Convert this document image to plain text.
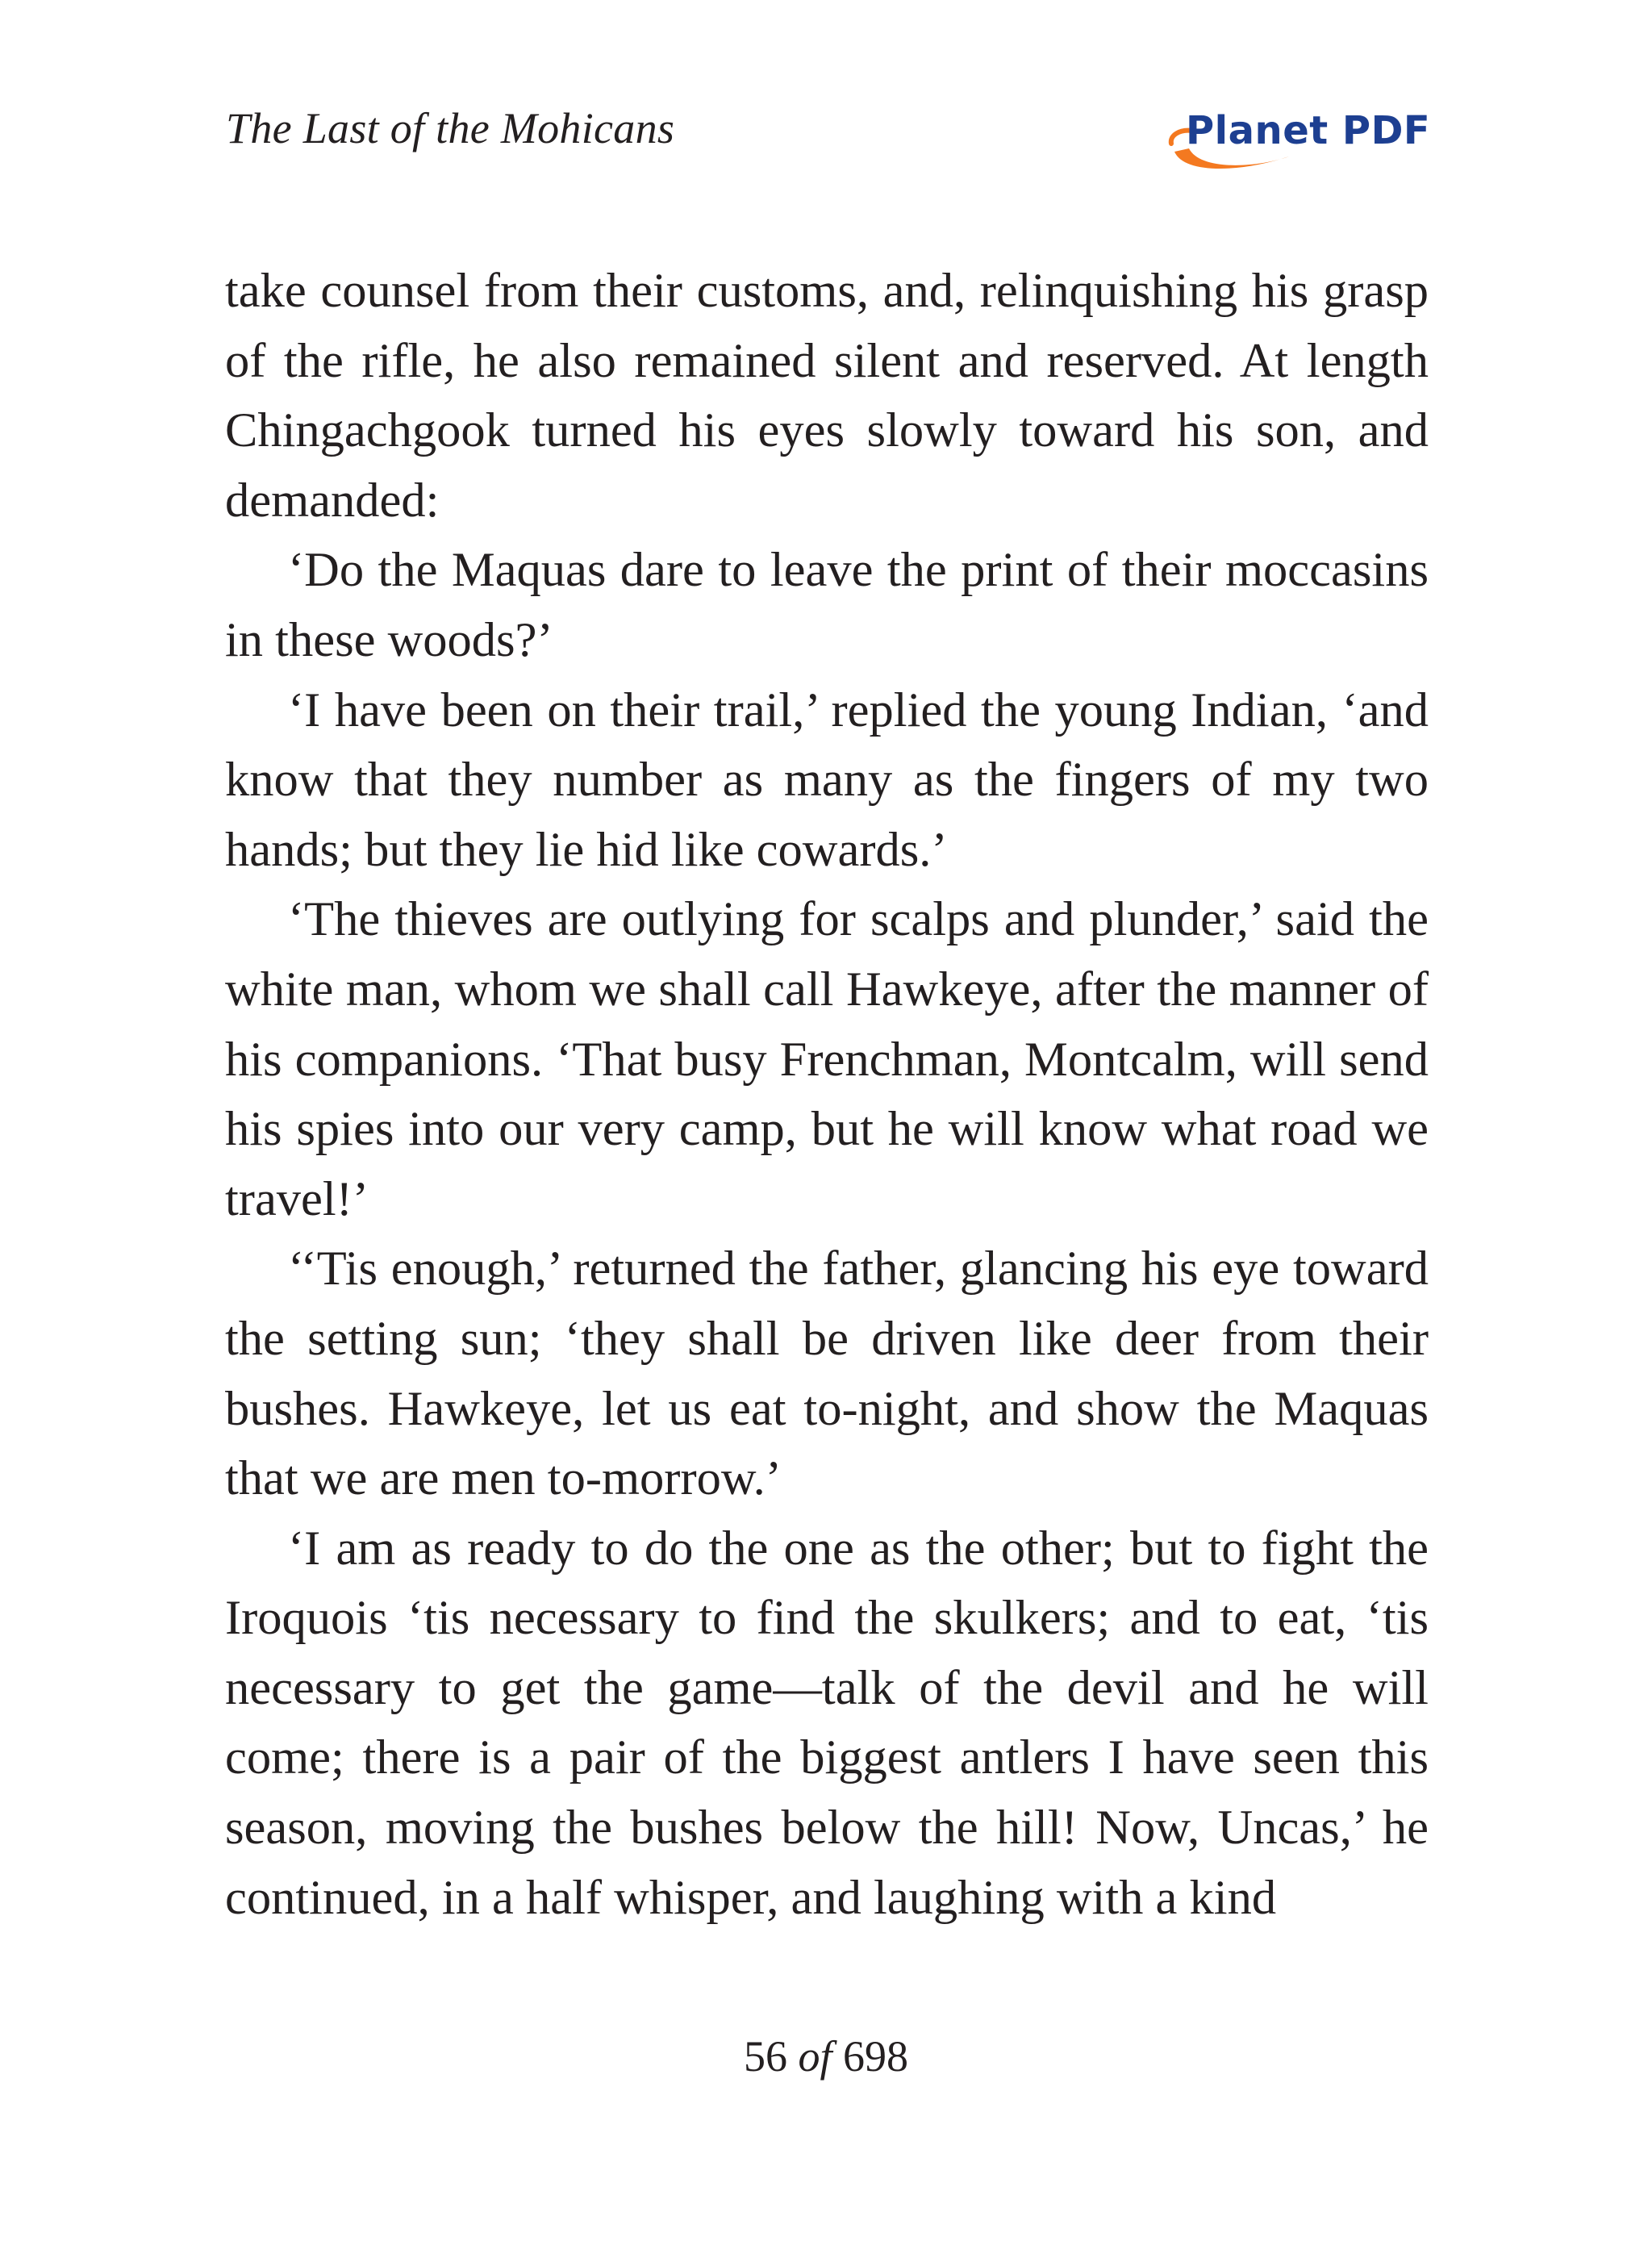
The Last of the Mohicans	Planet PDF

take counsel from their customs, and, relinquishing his grasp of the rifle, he also remained silent and reserved. At length Chingachgook turned his eyes slowly toward his son, and demanded:

‘Do the Maquas dare to leave the print of their moccasins in these woods?’

‘I have been on their trail,’ replied the young Indian, ‘and know that they number as many as the fingers of my two hands; but they lie hid like cowards.’

‘The thieves are outlying for scalps and plunder,’ said the white man, whom we shall call Hawkeye, after the manner of his companions. ‘That busy Frenchman, Montcalm, will send his spies into our very camp, but he will know what road we travel!’

‘‘Tis enough,’ returned the father, glancing his eye toward the setting sun; ‘they shall be driven like deer from their bushes. Hawkeye, let us eat to-night, and show the Maquas that we are men to-morrow.’

‘I am as ready to do the one as the other; but to fight the Iroquois ‘tis necessary to find the skulkers; and to eat, ‘tis necessary to get the game—talk of the devil and he will come; there is a pair of the biggest antlers I have seen this season, moving the bushes below the hill! Now, Uncas,’ he continued, in a half whisper, and laughing with a kind

56 of 698
